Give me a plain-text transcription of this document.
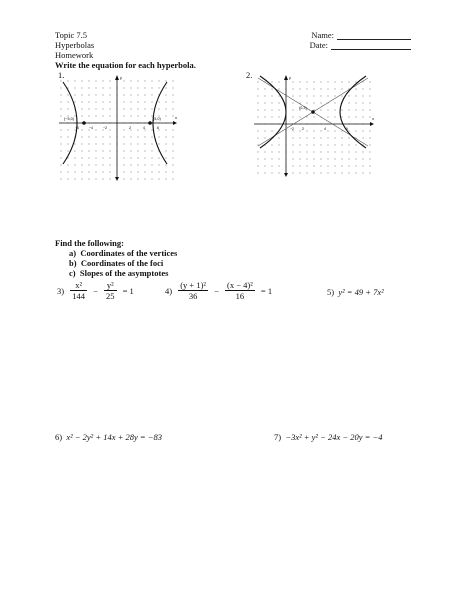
Topic 7.5
Hyperbolas
Homework
Write the equation for each hyperbola.
Name:
Date:
1.	2.
x
y
−6	−4	−2	2	4	6
(−5,0)	(5,0)	x
y
−2 2	4	6
(0,3)
Find the following:
a) Coordinates of the vertices
b) Coordinates of the foci
c) Slopes of the asymptotes
$3) \frac{\text{x²}}{144} - \frac{\text{y²}}{25} = 1$	$4) \frac{\text{(y + 1)²}}{36} - \frac{\text{(x − 4)²}}{16} = 1$	5) y² = 49 + 7x²
6) x² − 2y² + 14x + 28y = −83	7) −3x² + y² − 24x − 20y = −4
